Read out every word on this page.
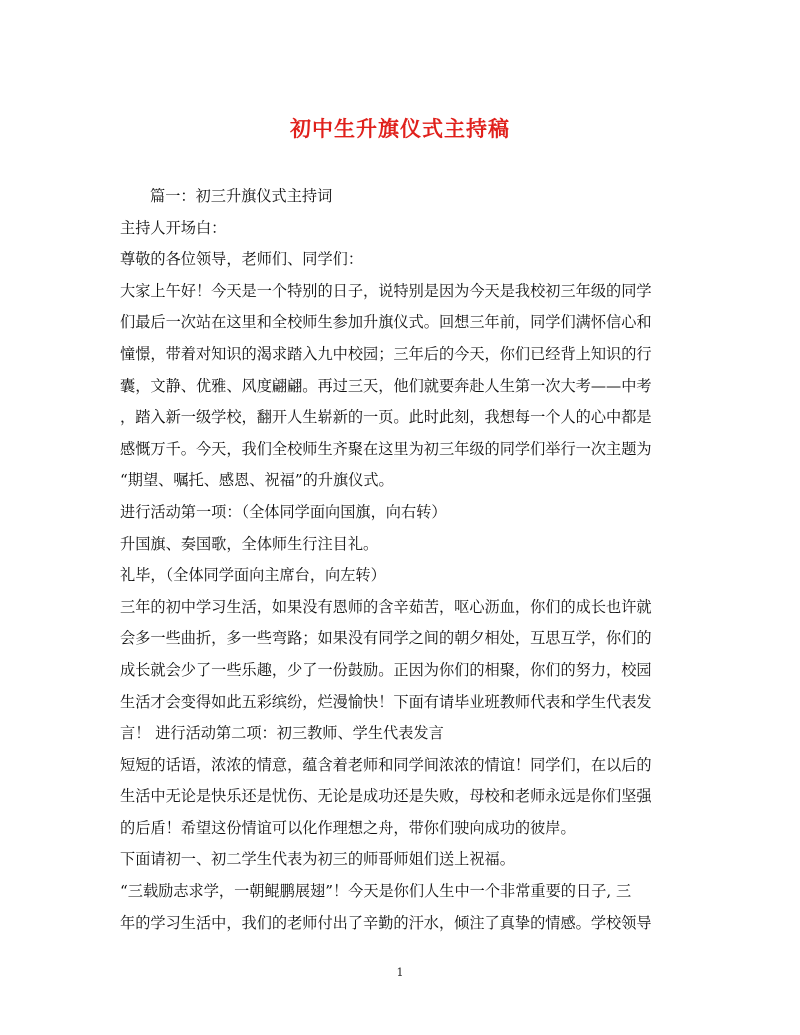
初中生升旗仪式主持稿
篇一：初三升旗仪式主持词
主持人开场白：
尊敬的各位领导，老师们、同学们：
大家上午好！今天是一个特别的日子，说特别是因为今天是我校初三年级的同学
们最后一次站在这里和全校师生参加升旗仪式。回想三年前，同学们满怀信心和
憧憬，带着对知识的渴求踏入九中校园；三年后的今天，你们已经背上知识的行
囊，文静、优雅、风度翩翩。再过三天，他们就要奔赴人生第一次大考——中考
，踏入新一级学校，翻开人生崭新的一页。此时此刻，我想每一个人的心中都是
感慨万千。今天，我们全校师生齐聚在这里为初三年级的同学们举行一次主题为
“期望、嘱托、感恩、祝福”的升旗仪式。
进行活动第一项：（全体同学面向国旗，向右转）
升国旗、奏国歌，全体师生行注目礼。
礼毕，（全体同学面向主席台，向左转）
三年的初中学习生活，如果没有恩师的含辛茹苦，呕心沥血，你们的成长也许就
会多一些曲折，多一些弯路；如果没有同学之间的朝夕相处，互思互学，你们的
成长就会少了一些乐趣，少了一份鼓励。正因为你们的相聚，你们的努力，校园
生活才会变得如此五彩缤纷，烂漫愉快！下面有请毕业班教师代表和学生代表发
言！ 进行活动第二项：初三教师、学生代表发言
短短的话语，浓浓的情意，蕴含着老师和同学间浓浓的情谊！同学们，在以后的
生活中无论是快乐还是忧伤、无论是成功还是失败，母校和老师永远是你们坚强
的后盾！希望这份情谊可以化作理想之舟，带你们驶向成功的彼岸。
下面请初一、初二学生代表为初三的师哥师姐们送上祝福。
“三载励志求学，一朝鲲鹏展翅”！今天是你们人生中一个非常重要的日子, 三
年的学习生活中，我们的老师付出了辛勤的汗水，倾注了真挚的情感。学校领导
1
